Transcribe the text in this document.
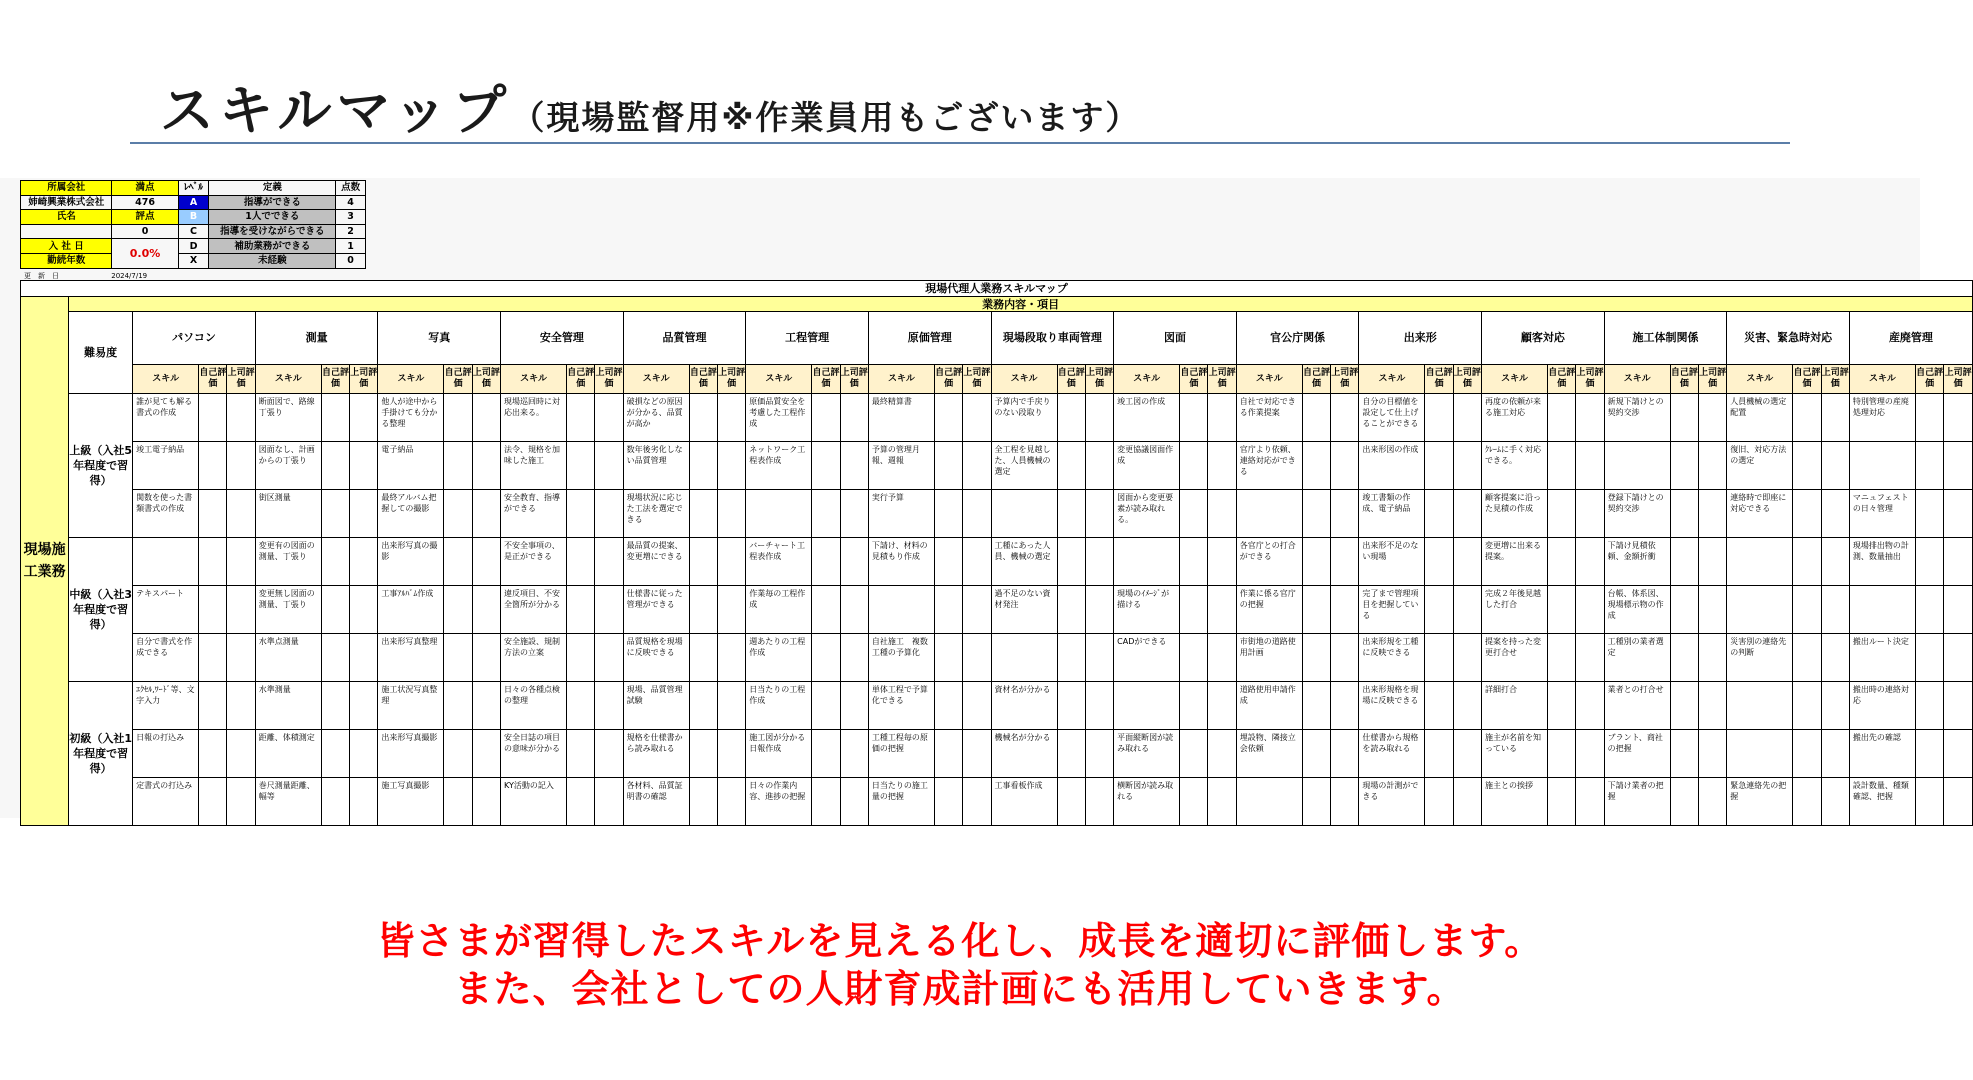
スキルマップ（現場監督用※作業員用もございます）
所属会社	満点	ﾚﾍﾞﾙ	定義	点数
姉崎興業株式会社	476	A	指導ができる	4
氏名	評点	B	1人でできる	3
	0	C	指導を受けながらできる	2
入 社 日	0.0%	D	補助業務ができる	1
勤続年数		X	未経験	0
更　新　日	2024/7/19
現場代理人業務スキルマップ																																														
現場施工業務	業務内容・項目																																													
	難易度	パソコン			測量			写真			安全管理			品質管理			工程管理			原価管理			現場段取り車両管理			図面			官公庁関係			出来形			顧客対応			施工体制関係			災害、緊急時対応			産廃管理		
		スキル	自己評価	上司評価	スキル	自己評価	上司評価	スキル	自己評価	上司評価	スキル	自己評価	上司評価	スキル	自己評価	上司評価	スキル	自己評価	上司評価	スキル	自己評価	上司評価	スキル	自己評価	上司評価	スキル	自己評価	上司評価	スキル	自己評価	上司評価	スキル	自己評価	上司評価	スキル	自己評価	上司評価	スキル	自己評価	上司評価	スキル	自己評価	上司評価	スキル	自己評価	上司評価
	上級（入社5年程度で習得）	誰が見ても解る書式の作成			断面図で、路線丁張り			他人が途中から手掛けても分かる整理			現場巡回時に対応出来る。			破損などの原因が分かる、品質が高か			原価品質安全を考慮した工程作成			最終精算書			予算内で手戻りのない段取り			竣工図の作成			自社で対応できる作業提案			自分の目標値を設定して仕上げることができる			再度の依頼が来る施工対応			新規下請けとの契約交渉			人員機械の選定配置			特別管理の産廃処理対応		
		竣工電子納品			図面なし、計画からの丁張り			電子納品			法令、規格を加味した施工			数年後劣化しない品質管理			ネットワーク工程表作成			予算の管理月報、週報			全工程を見越した、人員機械の選定			変更協議図面作成			官庁より依頼、連絡対応ができる			出来形図の作成			ｸﾚｰﾑに手く対応できる。						復旧、対応方法の選定					
		関数を使った書類書式の作成			街区測量			最終アルバム把握しての撮影			安全教育、指導ができる			現場状況に応じた工法を選定できる						実行予算						図面から変更要素が読み取れる。						竣工書類の作成、電子納品			顧客提案に沿った見積の作成			登録下請けとの契約交渉			連絡時で即座に対応できる			マニュフェストの日々管理		
	中級（入社3年程度で習得）				変更有の図面の測量、丁張り			出来形写真の撮影			不安全事項の、是正ができる			最品質の提案、変更増にできる			バーチャート工程表作成			下請け、材料の見積もり作成			工種にあった人員、機械の選定						各官庁との打合ができる			出来形不足のない現場			変更増に出来る提案。			下請け見積依頼、金額折衝						現場排出物の計測、数量抽出		
		テキスパート			変更無し図面の測量、丁張り			工事ｱﾙﾊﾞﾑ作成			違反項目、不安全箇所が分かる			仕様書に従った管理ができる			作業毎の工程作成						過不足のない資材発注			現場のｲﾒｰｼﾞが描ける			作業に係る官庁の把握			完了まで管理項目を把握している			完成２年後見越した打合			台帳、体系図、現場標示物の作成								
		自分で書式を作成できる			水準点測量			出来形写真整理			安全施設、規制方法の立案			品質規格を現場に反映できる			週あたりの工程作成			自社施工　複数工種の予算化						CADができる			市街地の道路使用計画			出来形規を工種に反映できる			提案を持った変更打合せ			工種別の業者選定			災害別の連絡先の判断			搬出ルート決定		
	初級（入社1年程度で習得）	ｴｸｾﾙ,ﾜｰﾄﾞ等、文字入力			水準測量			施工状況写真整理			日々の各種点検の整理			現場、品質管理試験			日当たりの工程作成			単体工程で予算化できる			資材名が分かる						道路使用申請作成			出来形規格を現場に反映できる			詳細打合			業者との打合せ						搬出時の連絡対応		
		日報の打込み			距離、体積測定			出来形写真撮影			安全日誌の項目の意味が分かる			規格を仕様書から読み取れる			施工図が分かる日報作成			工種工程毎の原価の把握			機械名が分かる			平面縦断図が読み取れる			埋設物、隣接立会依頼			仕様書から規格を読み取れる			施主が名前を知っている			ブラント、商社の把握						搬出先の確認		
		定書式の打込み			巻尺測量距離、幅等			施工写真撮影			KY活動の記入			各材料、品質証明書の確認			日々の作業内容、進捗の把握			日当たりの施工量の把握			工事看板作成			横断図が読み取れる						現場の計測ができる			施主との挨拶			下請け業者の把握			緊急連絡先の把握			設計数量、種類確認、把握		
皆さまが習得したスキルを見える化し、成長を適切に評価します。
また、会社としての人財育成計画にも活用していきます。
